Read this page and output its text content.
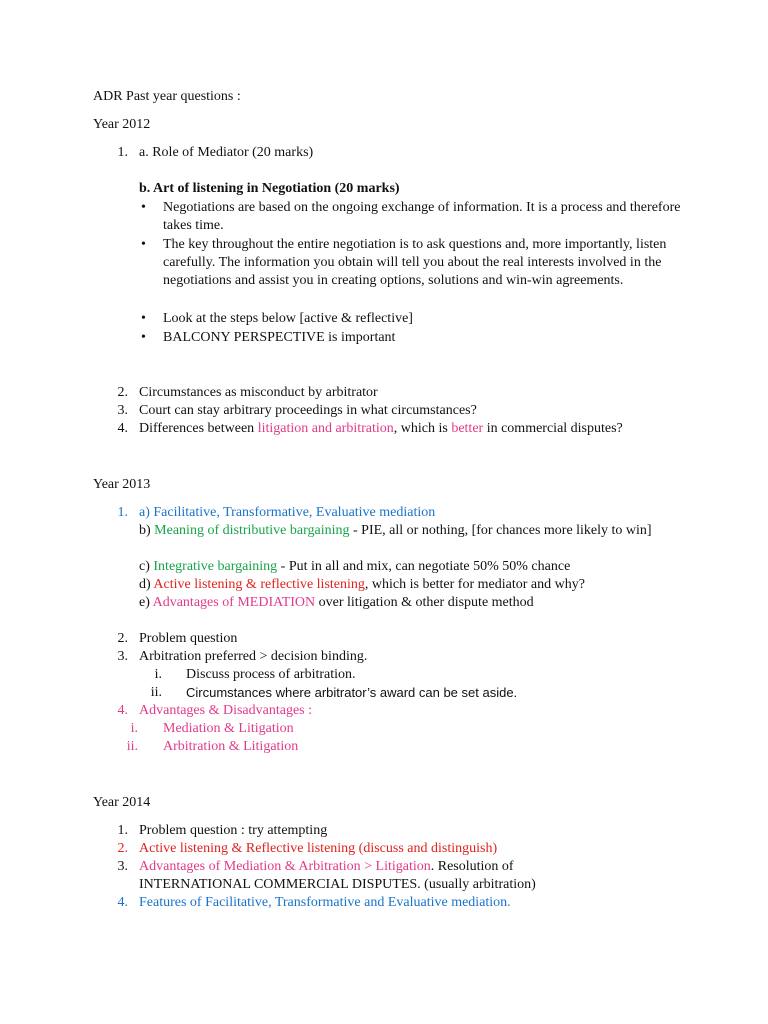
ADR Past year questions :
Year 2012
1. a. Role of Mediator (20 marks)
b. Art of listening in Negotiation (20 marks)
• Negotiations are based on the ongoing exchange of information. It is a process and therefore takes time.
• The key throughout the entire negotiation is to ask questions and, more importantly, listen carefully. The information you obtain will tell you about the real interests involved in the negotiations and assist you in creating options, solutions and win-win agreements.
• Look at the steps below [active & reflective]
• BALCONY PERSPECTIVE is important
2. Circumstances as misconduct by arbitrator
3. Court can stay arbitrary proceedings in what circumstances?
4. Differences between litigation and arbitration, which is better in commercial disputes?
Year 2013
1. a) Facilitative, Transformative, Evaluative mediation
b) Meaning of distributive bargaining - PIE, all or nothing, [for chances more likely to win]
c) Integrative bargaining - Put in all and mix, can negotiate 50% 50% chance
d) Active listening & reflective listening, which is better for mediator and why?
e) Advantages of MEDIATION over litigation & other dispute method
2. Problem question
3. Arbitration preferred > decision binding.
i. Discuss process of arbitration.
ii. Circumstances where arbitrator’s award can be set aside.
4. Advantages & Disadvantages :
i. Mediation & Litigation
ii. Arbitration & Litigation
Year 2014
1. Problem question : try attempting
2. Active listening & Reflective listening (discuss and distinguish)
3. Advantages of Mediation & Arbitration > Litigation. Resolution of INTERNATIONAL COMMERCIAL DISPUTES. (usually arbitration)
4. Features of Facilitative, Transformative and Evaluative mediation.
